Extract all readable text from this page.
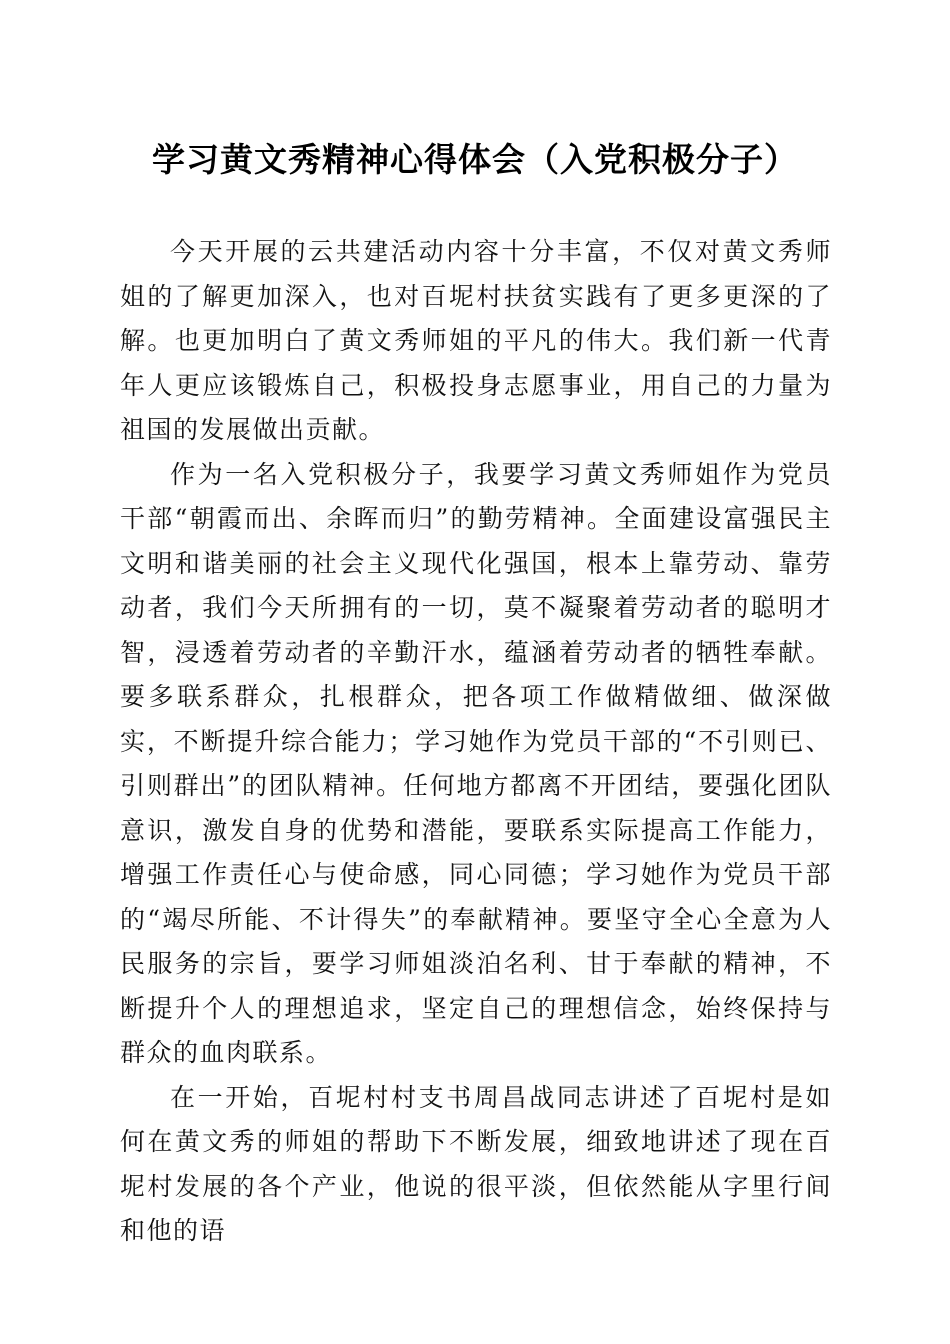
学习黄文秀精神心得体会（入党积极分子）

今天开展的云共建活动内容十分丰富，不仅对黄文秀师姐的了解更加深入，也对百坭村扶贫实践有了更多更深的了解。也更加明白了黄文秀师姐的平凡的伟大。我们新一代青年人更应该锻炼自己，积极投身志愿事业，用自己的力量为祖国的发展做出贡献。

作为一名入党积极分子，我要学习黄文秀师姐作为党员干部“朝霞而出、余晖而归”的勤劳精神。全面建设富强民主文明和谐美丽的社会主义现代化强国，根本上靠劳动、靠劳动者，我们今天所拥有的一切，莫不凝聚着劳动者的聪明才智，浸透着劳动者的辛勤汗水，蕴涵着劳动者的牺牲奉献。要多联系群众，扎根群众，把各项工作做精做细、做深做实，不断提升综合能力；学习她作为党员干部的“不引则已、引则群出”的团队精神。任何地方都离不开团结，要强化团队意识，激发自身的优势和潜能，要联系实际提高工作能力，增强工作责任心与使命感，同心同德；学习她作为党员干部的“竭尽所能、不计得失”的奉献精神。要坚守全心全意为人民服务的宗旨，要学习师姐淡泊名利、甘于奉献的精神，不断提升个人的理想追求，坚定自己的理想信念，始终保持与群众的血肉联系。

在一开始，百坭村村支书周昌战同志讲述了百坭村是如何在黄文秀的师姐的帮助下不断发展，细致地讲述了现在百坭村发展的各个产业，他说的很平淡，但依然能从字里行间和他的语
